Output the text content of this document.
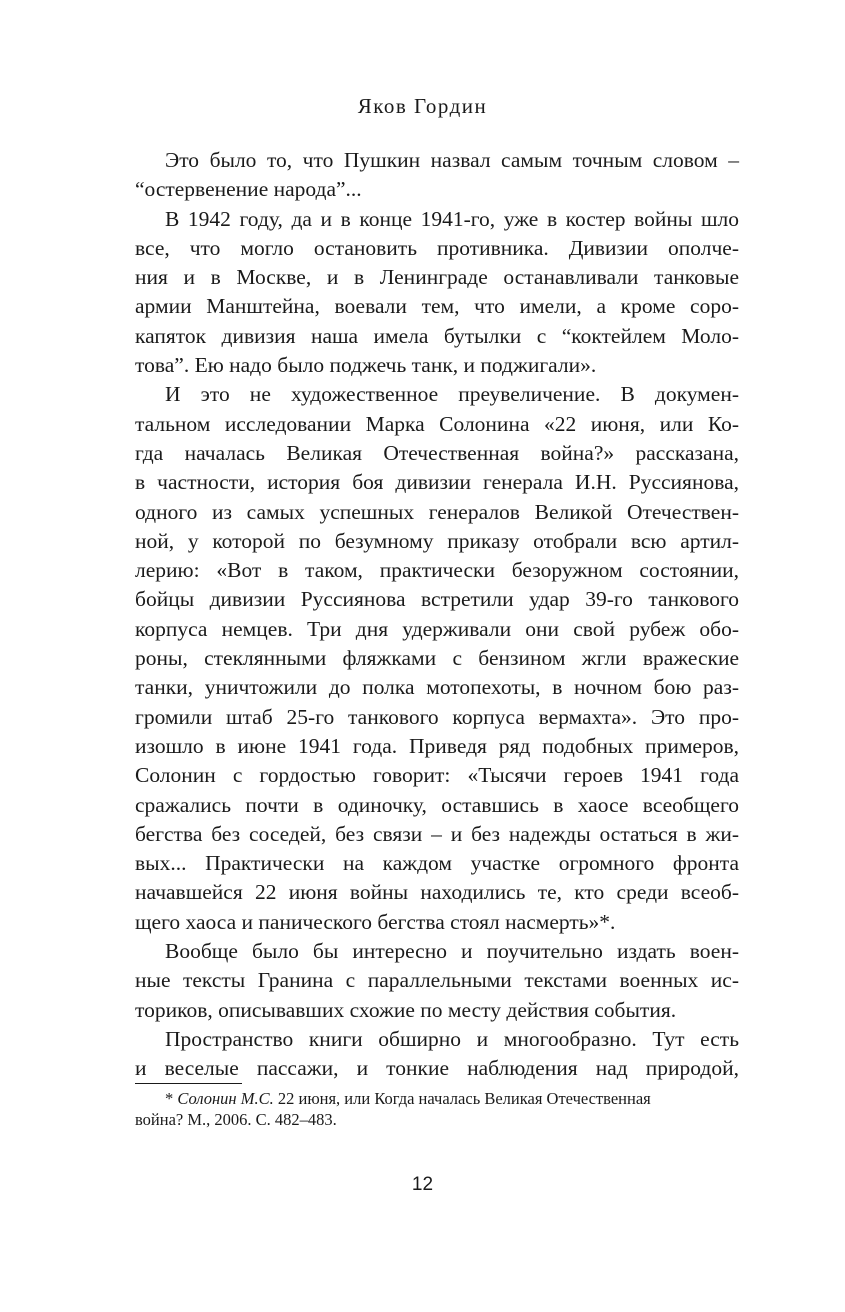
Яков Гордин
Это было то, что Пушкин назвал самым точным словом –
“остервенение народа”...
В 1942 году, да и в конце 1941-го, уже в костер войны шло
все, что могло остановить противника. Дивизии ополче-
ния и в Москве, и в Ленинграде останавливали танковые
армии Манштейна, воевали тем, что имели, а кроме соро-
капяток дивизия наша имела бутылки с “коктейлем Моло-
това”. Ею надо было поджечь танк, и поджигали».
И это не художественное преувеличение. В докумен-
тальном исследовании Марка Солонина «22 июня, или Ко-
гда началась Великая Отечественная война?» рассказана,
в частности, история боя дивизии генерала И.Н. Руссиянова,
одного из самых успешных генералов Великой Отечествен-
ной, у которой по безумному приказу отобрали всю артил-
лерию: «Вот в таком, практически безоружном состоянии,
бойцы дивизии Руссиянова встретили удар 39-го танкового
корпуса немцев. Три дня удерживали они свой рубеж обо-
роны, стеклянными фляжками с бензином жгли вражеские
танки, уничтожили до полка мотопехоты, в ночном бою раз-
громили штаб 25-го танкового корпуса вермахта». Это про-
изошло в июне 1941 года. Приведя ряд подобных примеров,
Солонин с гордостью говорит: «Тысячи героев 1941 года
сражались почти в одиночку, оставшись в хаосе всеобщего
бегства без соседей, без связи – и без надежды остаться в жи-
вых... Практически на каждом участке огромного фронта
начавшейся 22 июня войны находились те, кто среди всеоб-
щего хаоса и панического бегства стоял насмерть»*.
Вообще было бы интересно и поучительно издать воен-
ные тексты Гранина с параллельными текстами военных ис-
ториков, описывавших схожие по месту действия события.
Пространство книги обширно и многообразно. Тут есть
и веселые пассажи, и тонкие наблюдения над природой,
* Солонин М.С. 22 июня, или Когда началась Великая Отечественная
война? М., 2006. С. 482–483.
12
